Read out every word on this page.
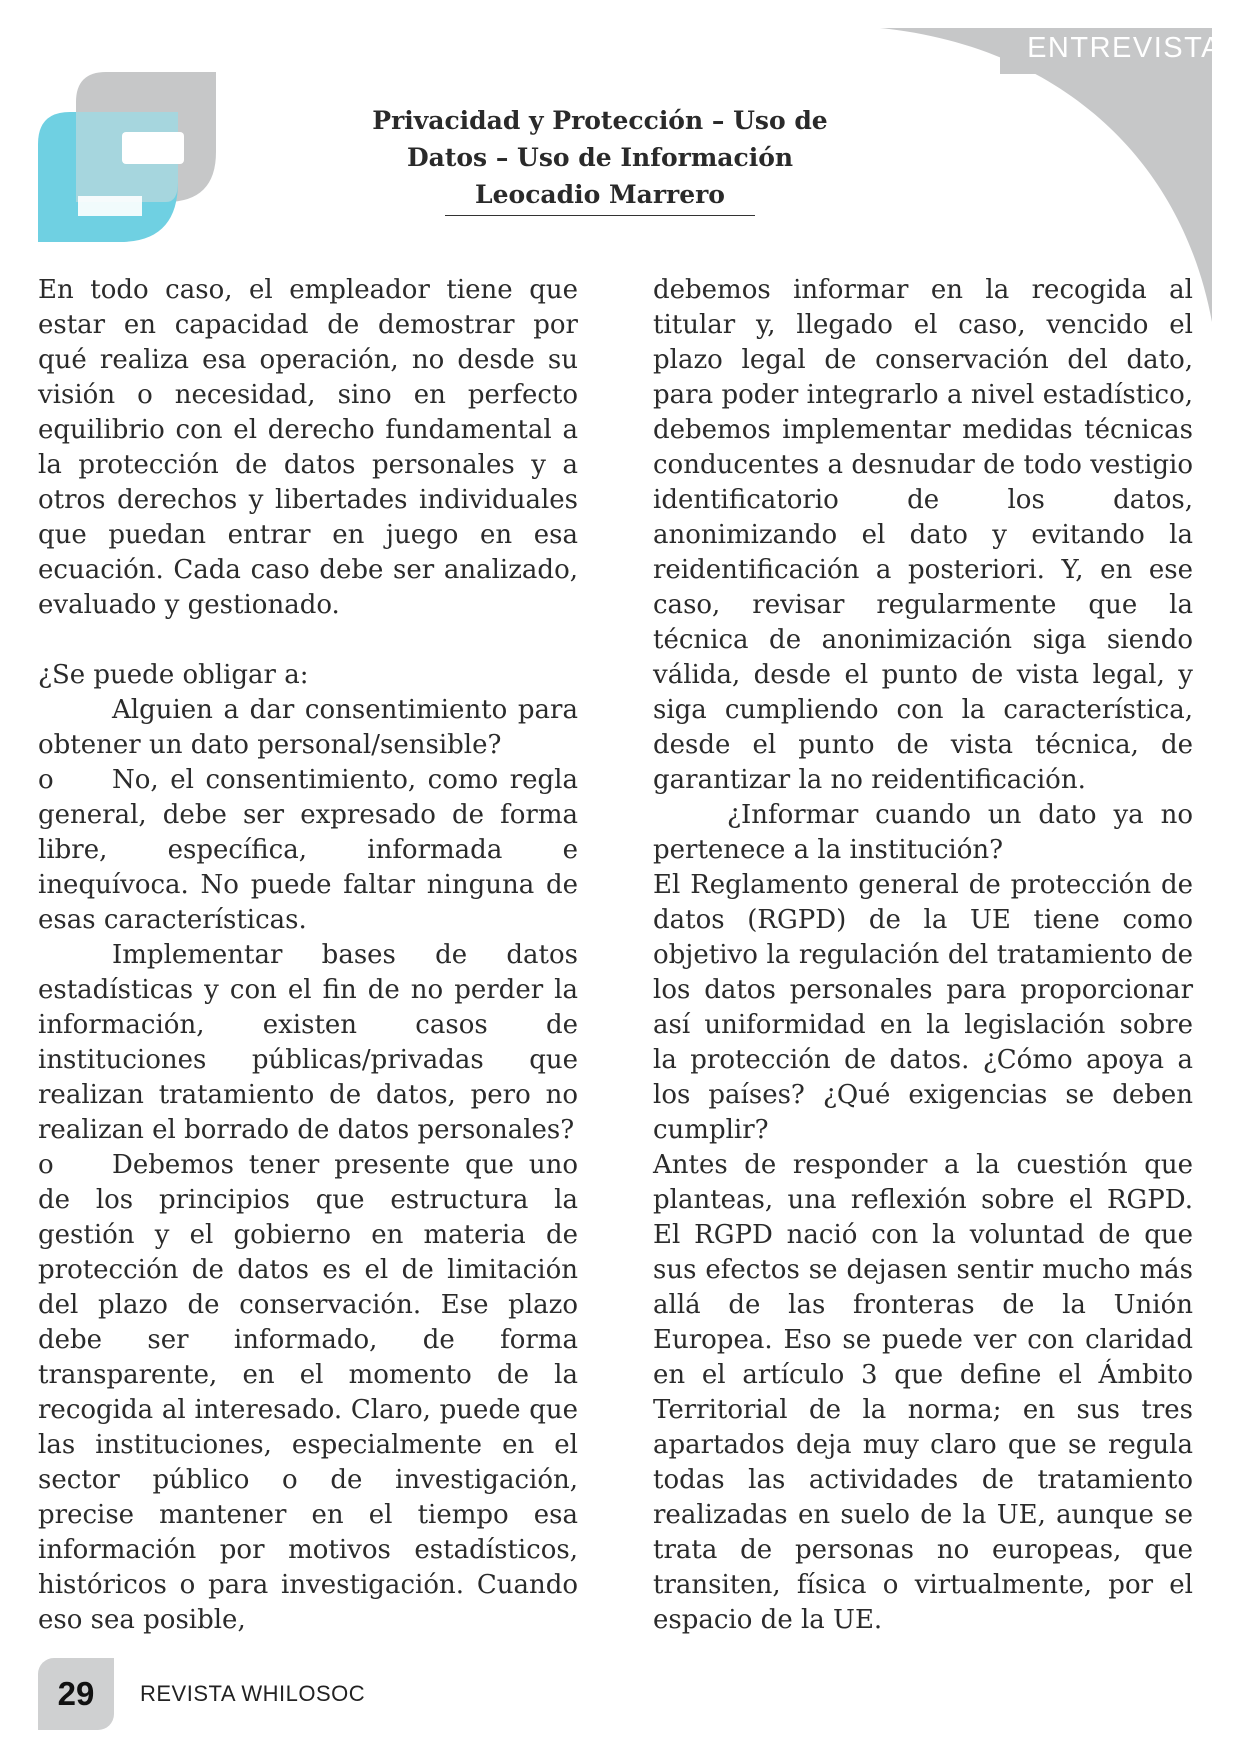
ENTREVISTA
Privacidad y Protección – Uso de
Datos – Uso de Información
Leocadio Marrero

En todo caso, el empleador tiene que estar en capacidad de demostrar por qué realiza esa operación, no desde su visión o necesidad, sino en perfecto equilibrio con el derecho fundamental a la protección de datos personales y a otros derechos y libertades individuales que puedan entrar en juego en esa ecuación. Cada caso debe ser analizado, evaluado y gestionado.

¿Se puede obligar a:

Alguien a dar consentimiento para obtener un dato personal/sensible?

o No, el consentimiento, como regla general, debe ser expresado de forma libre, específica, informada e inequívoca. No puede faltar ninguna de esas características.

Implementar bases de datos estadísticas y con el fin de no perder la información, existen casos de instituciones públicas/privadas que realizan tratamiento de datos, pero no realizan el borrado de datos personales?

o Debemos tener presente que uno de los principios que estructura la gestión y el gobierno en materia de protección de datos es el de limitación del plazo de conservación. Ese plazo debe ser informado, de forma transparente, en el momento de la recogida al interesado. Claro, puede que las instituciones, especialmente en el sector público o de investigación, precise mantener en el tiempo esa información por motivos estadísticos, históricos o para investigación. Cuando eso sea posible,

debemos informar en la recogida al titular y, llegado el caso, vencido el plazo legal de conservación del dato, para poder integrarlo a nivel estadístico, debemos implementar medidas técnicas conducentes a desnudar de todo vestigio identificatorio de los datos, anonimizando el dato y evitando la reidentificación a posteriori. Y, en ese caso, revisar regularmente que la técnica de anonimización siga siendo válida, desde el punto de vista legal, y siga cumpliendo con la característica, desde el punto de vista técnica, de garantizar la no reidentificación.

¿Informar cuando un dato ya no pertenece a la institución?

El Reglamento general de protección de datos (RGPD) de la UE tiene como objetivo la regulación del tratamiento de los datos personales para proporcionar así uniformidad en la legislación sobre la protección de datos. ¿Cómo apoya a los países? ¿Qué exigencias se deben cumplir?

Antes de responder a la cuestión que planteas, una reflexión sobre el RGPD. El RGPD nació con la voluntad de que sus efectos se dejasen sentir mucho más allá de las fronteras de la Unión Europea. Eso se puede ver con claridad en el artículo 3 que define el Ámbito Territorial de la norma; en sus tres apartados deja muy claro que se regula todas las actividades de tratamiento realizadas en suelo de la UE, aunque se trata de personas no europeas, que transiten, física o virtualmente, por el espacio de la UE.

29	REVISTA WHILOSOC
